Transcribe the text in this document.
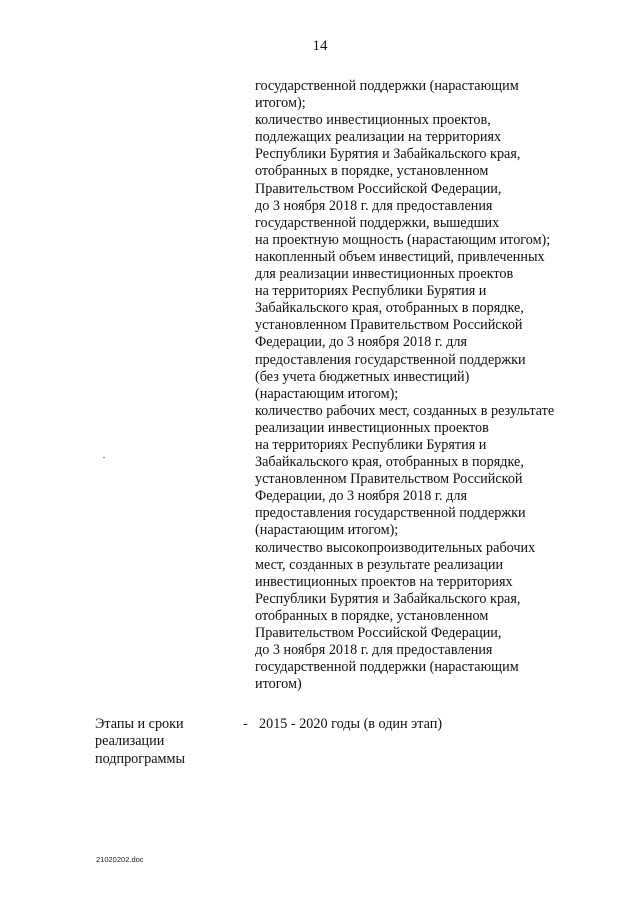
14
государственной поддержки (нарастающим
итогом);
количество инвестиционных проектов,
подлежащих реализации на территориях
Республики Бурятия и Забайкальского края,
отобранных в порядке, установленном
Правительством Российской Федерации,
до 3 ноября 2018 г. для предоставления
государственной поддержки, вышедших
на проектную мощность (нарастающим итогом);
накопленный объем инвестиций, привлеченных
для реализации инвестиционных проектов
на территориях Республики Бурятия и
Забайкальского края, отобранных в порядке,
установленном Правительством Российской
Федерации, до 3 ноября 2018 г. для
предоставления государственной поддержки
(без учета бюджетных инвестиций)
(нарастающим итогом);
количество рабочих мест, созданных в результате
реализации инвестиционных проектов
на территориях Республики Бурятия и
Забайкальского края, отобранных в порядке,
установленном Правительством Российской
Федерации, до 3 ноября 2018 г. для
предоставления государственной поддержки
(нарастающим итогом);
количество высокопроизводительных рабочих
мест, созданных в результате реализации
инвестиционных проектов на территориях
Республики Бурятия и Забайкальского края,
отобранных в порядке, установленном
Правительством Российской Федерации,
до 3 ноября 2018 г. для предоставления
государственной поддержки (нарастающим
итогом)
Этапы и сроки
реализации
подпрограммы
- 2015 - 2020 годы (в один этап)
21020202.doc
